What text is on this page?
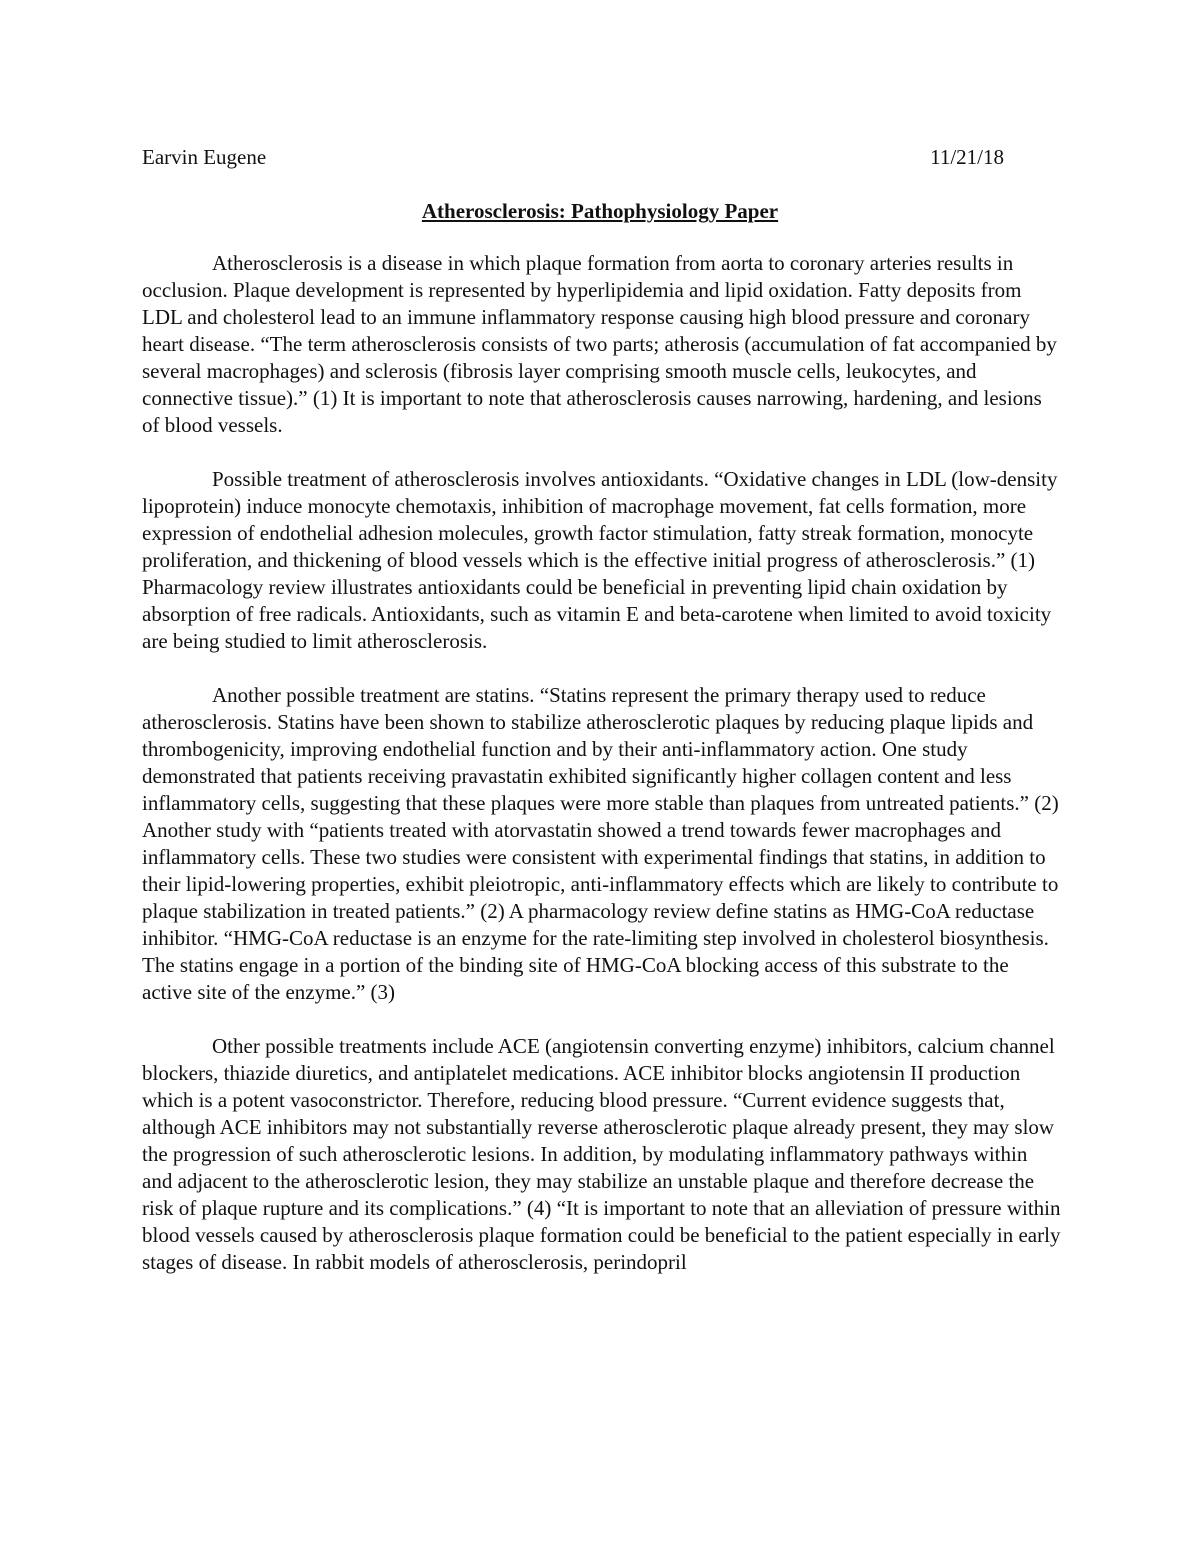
Earvin Eugene	11/21/18
Atherosclerosis: Pathophysiology Paper

Atherosclerosis is a disease in which plaque formation from aorta to coronary arteries results in occlusion. Plaque development is represented by hyperlipidemia and lipid oxidation. Fatty deposits from LDL and cholesterol lead to an immune inflammatory response causing high blood pressure and coronary heart disease. “The term atherosclerosis consists of two parts; atherosis (accumulation of fat accompanied by several macrophages) and sclerosis (fibrosis layer comprising smooth muscle cells, leukocytes, and connective tissue).” (1) It is important to note that atherosclerosis causes narrowing, hardening, and lesions of blood vessels.

Possible treatment of atherosclerosis involves antioxidants. “Oxidative changes in LDL (low-density lipoprotein) induce monocyte chemotaxis, inhibition of macrophage movement, fat cells formation, more expression of endothelial adhesion molecules, growth factor stimulation, fatty streak formation, monocyte proliferation, and thickening of blood vessels which is the effective initial progress of atherosclerosis.” (1) Pharmacology review illustrates antioxidants could be beneficial in preventing lipid chain oxidation by absorption of free radicals. Antioxidants, such as vitamin E and beta-carotene when limited to avoid toxicity are being studied to limit atherosclerosis.

Another possible treatment are statins. “Statins represent the primary therapy used to reduce atherosclerosis. Statins have been shown to stabilize atherosclerotic plaques by reducing plaque lipids and thrombogenicity, improving endothelial function and by their anti-inflammatory action. One study demonstrated that patients receiving pravastatin exhibited significantly higher collagen content and less inflammatory cells, suggesting that these plaques were more stable than plaques from untreated patients.” (2) Another study with “patients treated with atorvastatin showed a trend towards fewer macrophages and inflammatory cells. These two studies were consistent with experimental findings that statins, in addition to their lipid-lowering properties, exhibit pleiotropic, anti-inflammatory effects which are likely to contribute to plaque stabilization in treated patients.” (2) A pharmacology review define statins as HMG-CoA reductase inhibitor. “HMG-CoA reductase is an enzyme for the rate-limiting step involved in cholesterol biosynthesis. The statins engage in a portion of the binding site of HMG-CoA blocking access of this substrate to the active site of the enzyme.” (3)

Other possible treatments include ACE (angiotensin converting enzyme) inhibitors, calcium channel blockers, thiazide diuretics, and antiplatelet medications. ACE inhibitor blocks angiotensin II production which is a potent vasoconstrictor. Therefore, reducing blood pressure. “Current evidence suggests that, although ACE inhibitors may not substantially reverse atherosclerotic plaque already present, they may slow the progression of such atherosclerotic lesions. In addition, by modulating inflammatory pathways within and adjacent to the atherosclerotic lesion, they may stabilize an unstable plaque and therefore decrease the risk of plaque rupture and its complications.” (4) “It is important to note that an alleviation of pressure within blood vessels caused by atherosclerosis plaque formation could be beneficial to the patient especially in early stages of disease. In rabbit models of atherosclerosis, perindopril
